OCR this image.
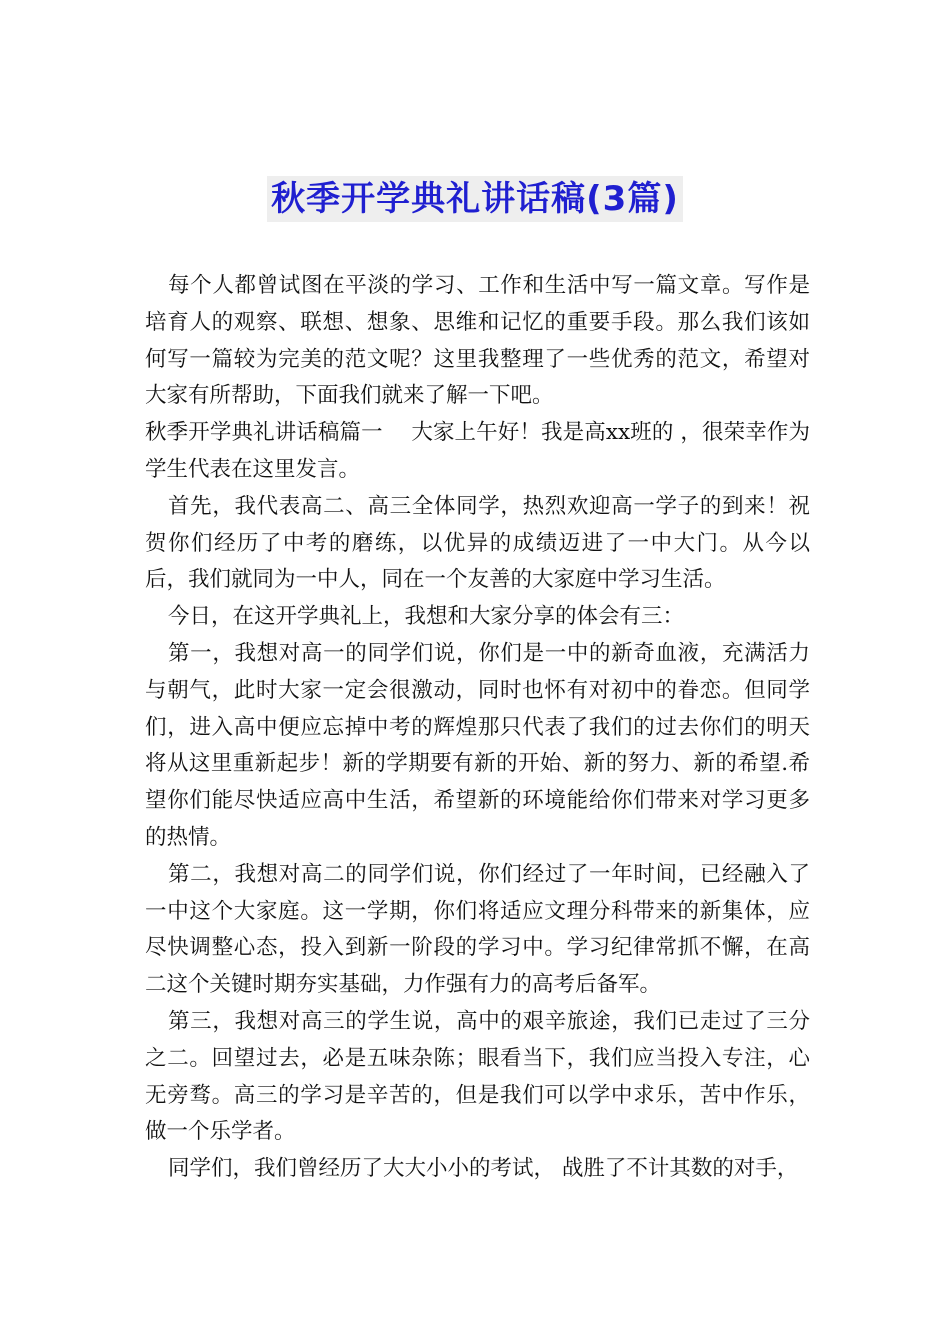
秋季开学典礼讲话稿(3篇)

每个人都曾试图在平淡的学习、工作和生活中写一篇文章。写作是培育人的观察、联想、想象、思维和记忆的重要手段。那么我们该如何写一篇较为完美的范文呢？这里我整理了一些优秀的范文，希望对大家有所帮助，下面我们就来了解一下吧。

秋季开学典礼讲话稿篇一　 大家上午好！我是高xx班的 ，很荣幸作为学生代表在这里发言。

首先，我代表高二、高三全体同学，热烈欢迎高一学子的到来！祝贺你们经历了中考的磨练，以优异的成绩迈进了一中大门。从今以后，我们就同为一中人，同在一个友善的大家庭中学习生活。

今日，在这开学典礼上，我想和大家分享的体会有三：

第一，我想对高一的同学们说，你们是一中的新奇血液，充满活力与朝气，此时大家一定会很激动，同时也怀有对初中的眷恋。但同学们，进入高中便应忘掉中考的辉煌那只代表了我们的过去你们的明天将从这里重新起步！新的学期要有新的开始、新的努力、新的希望.希望你们能尽快适应高中生活，希望新的环境能给你们带来对学习更多的热情。

第二，我想对高二的同学们说，你们经过了一年时间，已经融入了一中这个大家庭。这一学期，你们将适应文理分科带来的新集体，应尽快调整心态，投入到新一阶段的学习中。学习纪律常抓不懈，在高二这个关键时期夯实基础，力作强有力的高考后备军。

第三，我想对高三的学生说，高中的艰辛旅途，我们已走过了三分之二。回望过去，必是五味杂陈；眼看当下，我们应当投入专注，心无旁骛。高三的学习是辛苦的，但是我们可以学中求乐，苦中作乐，做一个乐学者。

同学们，我们曾经历了大大小小的考试， 战胜了不计其数的对手，
